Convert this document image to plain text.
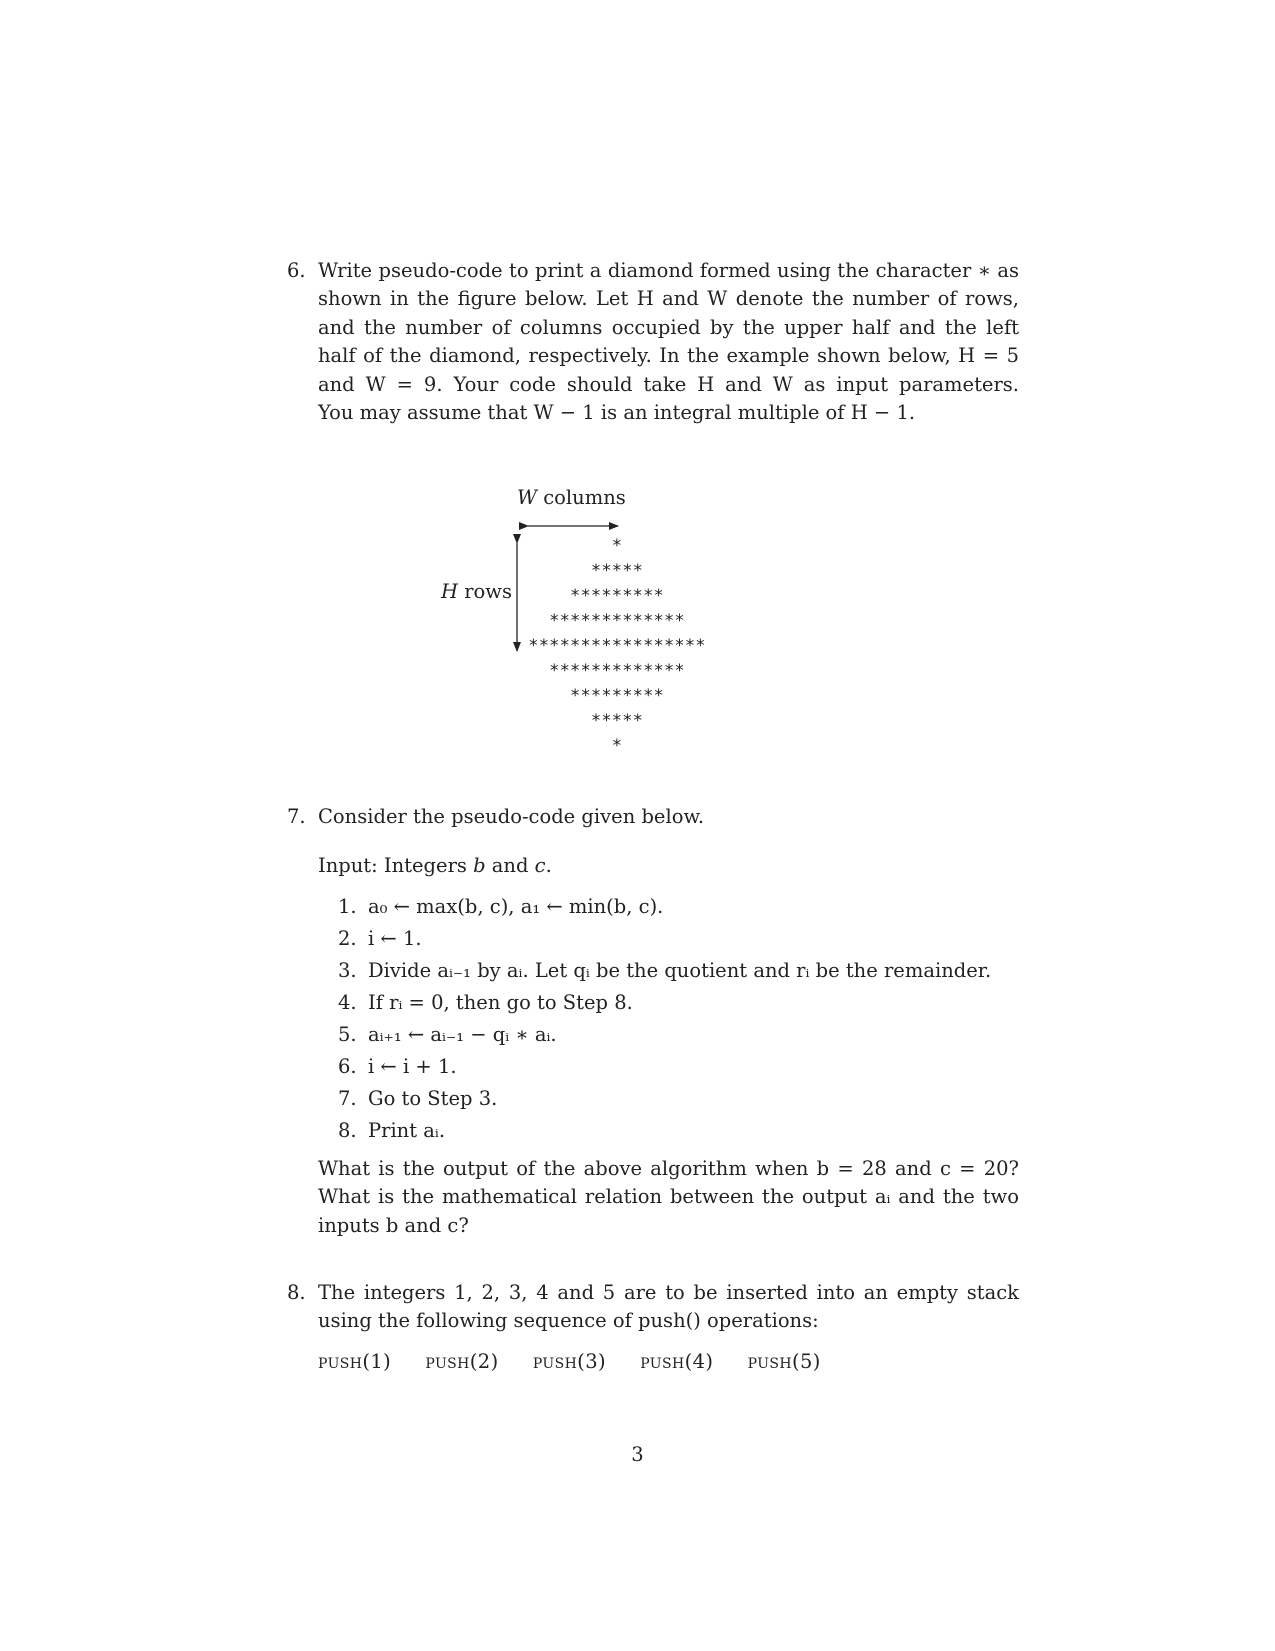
6. Write pseudo-code to print a diamond formed using the character ∗ as
shown in the figure below. Let H and W denote the number of rows,
and the number of columns occupied by the upper half and the left
half of the diamond, respectively. In the example shown below, H = 5
and W = 9. Your code should take H and W as input parameters.
You may assume that W − 1 is an integral multiple of H − 1.
W columns
H rows
*
*****
*********
*************
*****************
*************
*********
*****
*
7. Consider the pseudo-code given below.
Input: Integers b and c.
1. a₀ ← max(b, c), a₁ ← min(b, c).
2. i ← 1.
3. Divide aᵢ₋₁ by aᵢ. Let qᵢ be the quotient and rᵢ be the remainder.
4. If rᵢ = 0, then go to Step 8.
5. aᵢ₊₁ ← aᵢ₋₁ − qᵢ ∗ aᵢ.
6. i ← i + 1.
7. Go to Step 3.
8. Print aᵢ.
What is the output of the above algorithm when b = 28 and c = 20?
What is the mathematical relation between the output aᵢ and the two
inputs b and c?
8. The integers 1, 2, 3, 4 and 5 are to be inserted into an empty stack
using the following sequence of push() operations:
push(1) push(2) push(3) push(4) push(5)
3
